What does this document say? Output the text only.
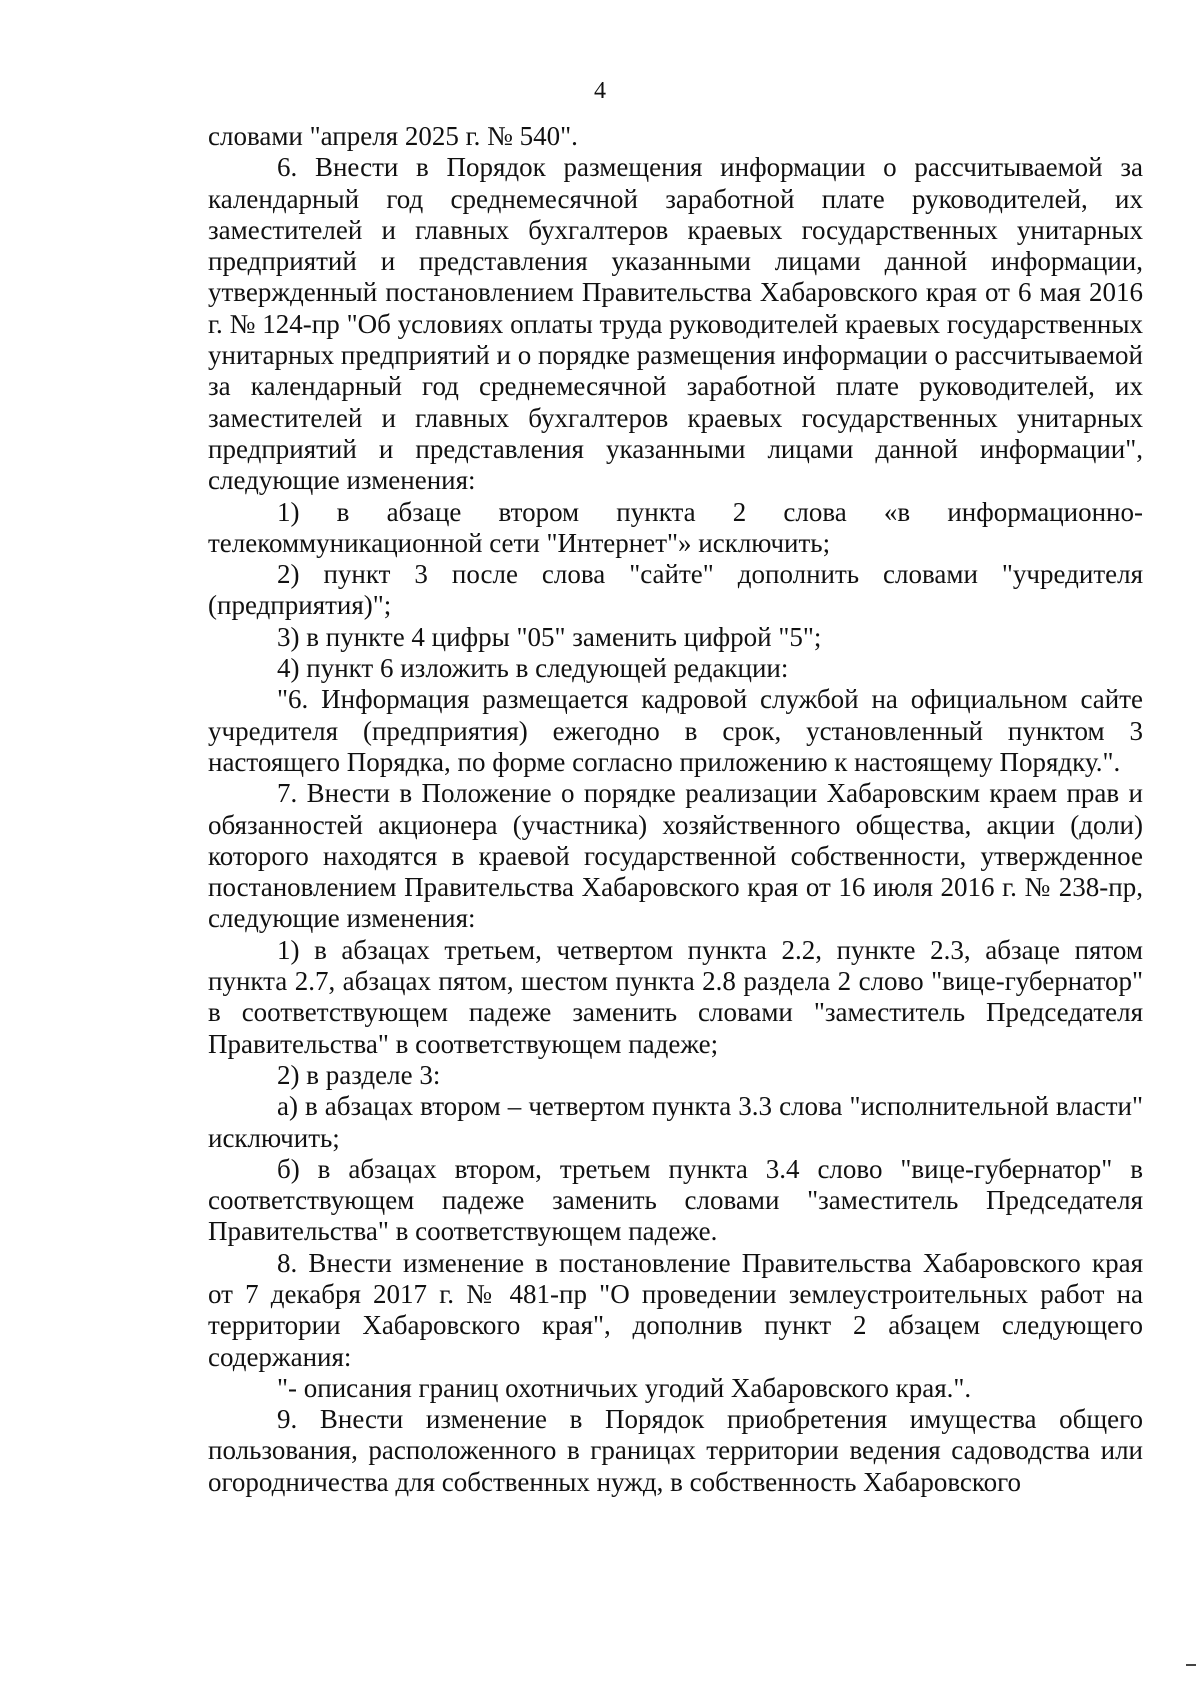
4

словами "апреля 2025 г. № 540".

6. Внести в Порядок размещения информации о рассчитываемой за календарный год среднемесячной заработной плате руководителей, их заместителей и главных бухгалтеров краевых государственных унитарных предприятий и представления указанными лицами данной информации, утвержденный постановлением Правительства Хабаровского края от 6 мая 2016 г. № 124-пр "Об условиях оплаты труда руководителей краевых государственных унитарных предприятий и о порядке размещения информации о рассчитываемой за календарный год среднемесячной заработной плате руководителей, их заместителей и главных бухгалтеров краевых государственных унитарных предприятий и представления указанными лицами данной информации", следующие изменения:

1) в абзаце втором пункта 2 слова «в информационно-телекоммуникационной сети "Интернет"» исключить;

2) пункт 3 после слова "сайте" дополнить словами "учредителя (предприятия)";

3) в пункте 4 цифры "05" заменить цифрой "5";

4) пункт 6 изложить в следующей редакции:

"6. Информация размещается кадровой службой на официальном сайте учредителя (предприятия) ежегодно в срок, установленный пунктом 3 настоящего Порядка, по форме согласно приложению к настоящему Порядку.".

7. Внести в Положение о порядке реализации Хабаровским краем прав и обязанностей акционера (участника) хозяйственного общества, акции (доли) которого находятся в краевой государственной собственности, утвержденное постановлением Правительства Хабаровского края от 16 июля 2016 г. № 238-пр, следующие изменения:

1) в абзацах третьем, четвертом пункта 2.2, пункте 2.3, абзаце пятом пункта 2.7, абзацах пятом, шестом пункта 2.8 раздела 2 слово "вице-губернатор" в соответствующем падеже заменить словами "заместитель Председателя Правительства" в соответствующем падеже;

2) в разделе 3:

а) в абзацах втором – четвертом пункта 3.3 слова "исполнительной власти" исключить;

б) в абзацах втором, третьем пункта 3.4 слово "вице-губернатор" в соответствующем падеже заменить словами "заместитель Председателя Правительства" в соответствующем падеже.

8. Внести изменение в постановление Правительства Хабаровского края от 7 декабря 2017 г. № 481-пр "О проведении землеустроительных работ на территории Хабаровского края", дополнив пункт 2 абзацем следующего содержания:

"- описания границ охотничьих угодий Хабаровского края.".

9. Внести изменение в Порядок приобретения имущества общего пользования, расположенного в границах территории ведения садоводства или огородничества для собственных нужд, в собственность Хабаровского
